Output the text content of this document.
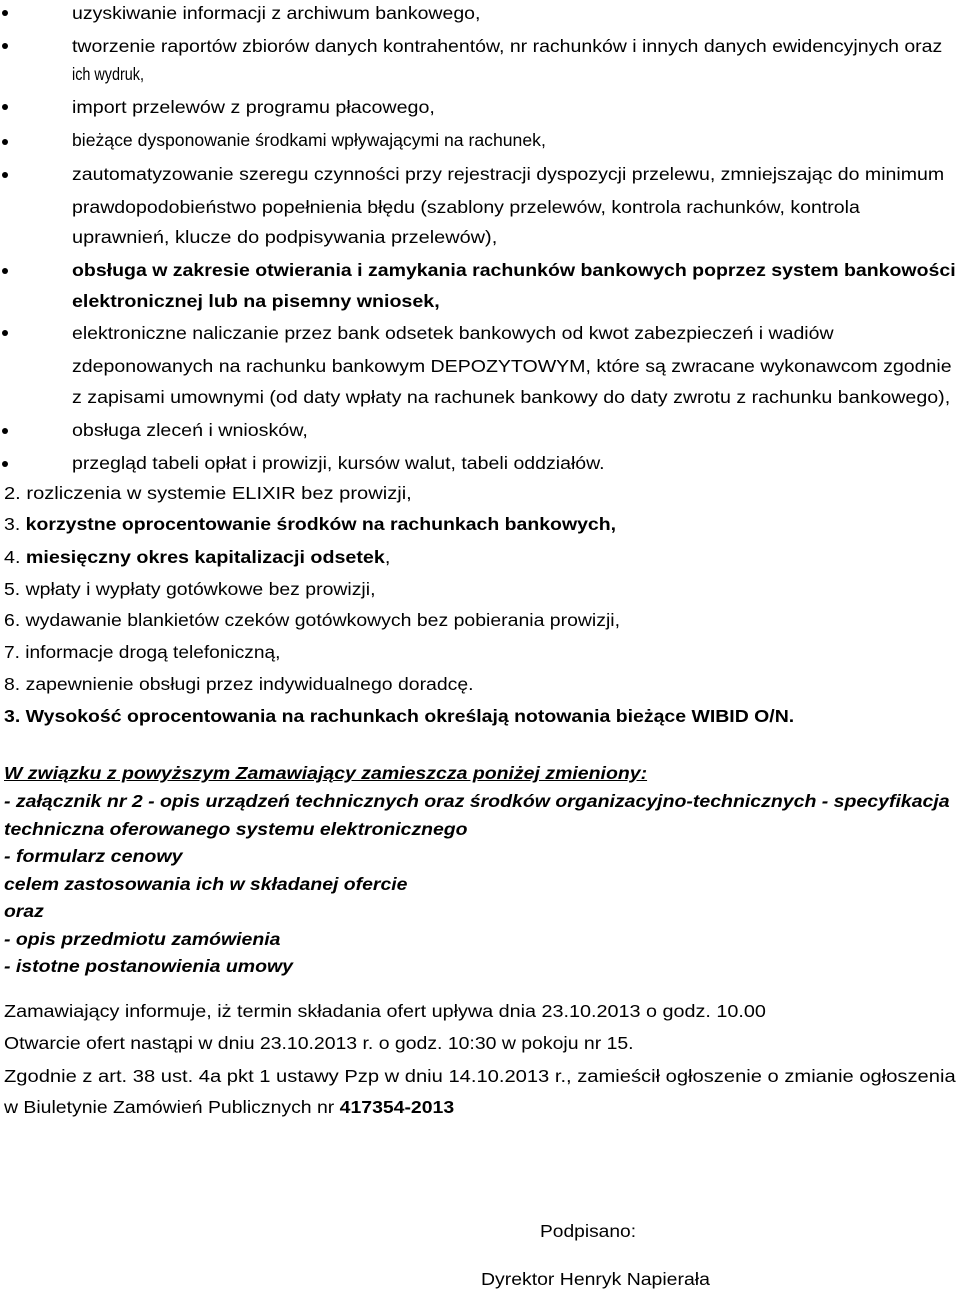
uzyskiwanie informacji z archiwum bankowego,
tworzenie raportów zbiorów danych kontrahentów, nr rachunków i innych danych ewidencyjnych oraz
ich wydruk,
import przelewów z programu płacowego,
bieżące dysponowanie środkami wpływającymi na rachunek,
zautomatyzowanie szeregu czynności przy rejestracji dyspozycji przelewu, zmniejszając do minimum
prawdopodobieństwo popełnienia błędu (szablony przelewów, kontrola rachunków, kontrola
uprawnień, klucze do podpisywania przelewów),
obsługa w zakresie otwierania i zamykania rachunków bankowych poprzez system bankowości
elektronicznej lub na pisemny wniosek,
elektroniczne naliczanie przez bank odsetek bankowych od kwot zabezpieczeń i wadiów
zdeponowanych na rachunku bankowym DEPOZYTOWYM, które są zwracane wykonawcom zgodnie
z zapisami umownymi (od daty wpłaty na rachunek bankowy do daty zwrotu z rachunku bankowego),
obsługa zleceń i wniosków,
przegląd tabeli opłat i prowizji, kursów walut, tabeli oddziałów.
2. rozliczenia w systemie ELIXIR bez prowizji,
3. korzystne oprocentowanie środków na rachunkach bankowych,
4. miesięczny okres kapitalizacji odsetek,
5. wpłaty i wypłaty gotówkowe bez prowizji,
6. wydawanie blankietów czeków gotówkowych bez pobierania prowizji,
7. informacje drogą telefoniczną,
8. zapewnienie obsługi przez indywidualnego doradcę.
3. Wysokość oprocentowania na rachunkach określają notowania bieżące WIBID O/N.
W związku z powyższym Zamawiający zamieszcza poniżej zmieniony:
- załącznik nr 2 - opis urządzeń technicznych oraz środków organizacyjno-technicznych - specyfikacja
techniczna oferowanego systemu elektronicznego
- formularz cenowy
celem zastosowania ich w składanej ofercie
oraz
- opis przedmiotu zamówienia
- istotne postanowienia umowy
Zamawiający informuje, iż termin składania ofert upływa dnia 23.10.2013 o godz. 10.00
Otwarcie ofert nastąpi w dniu 23.10.2013 r. o godz. 10:30 w pokoju nr 15.
Zgodnie z art. 38 ust. 4a pkt 1 ustawy Pzp w dniu 14.10.2013 r., zamieścił ogłoszenie o zmianie ogłoszenia
w Biuletynie Zamówień Publicznych nr 417354-2013
Podpisano:
Dyrektor Henryk Napierała
